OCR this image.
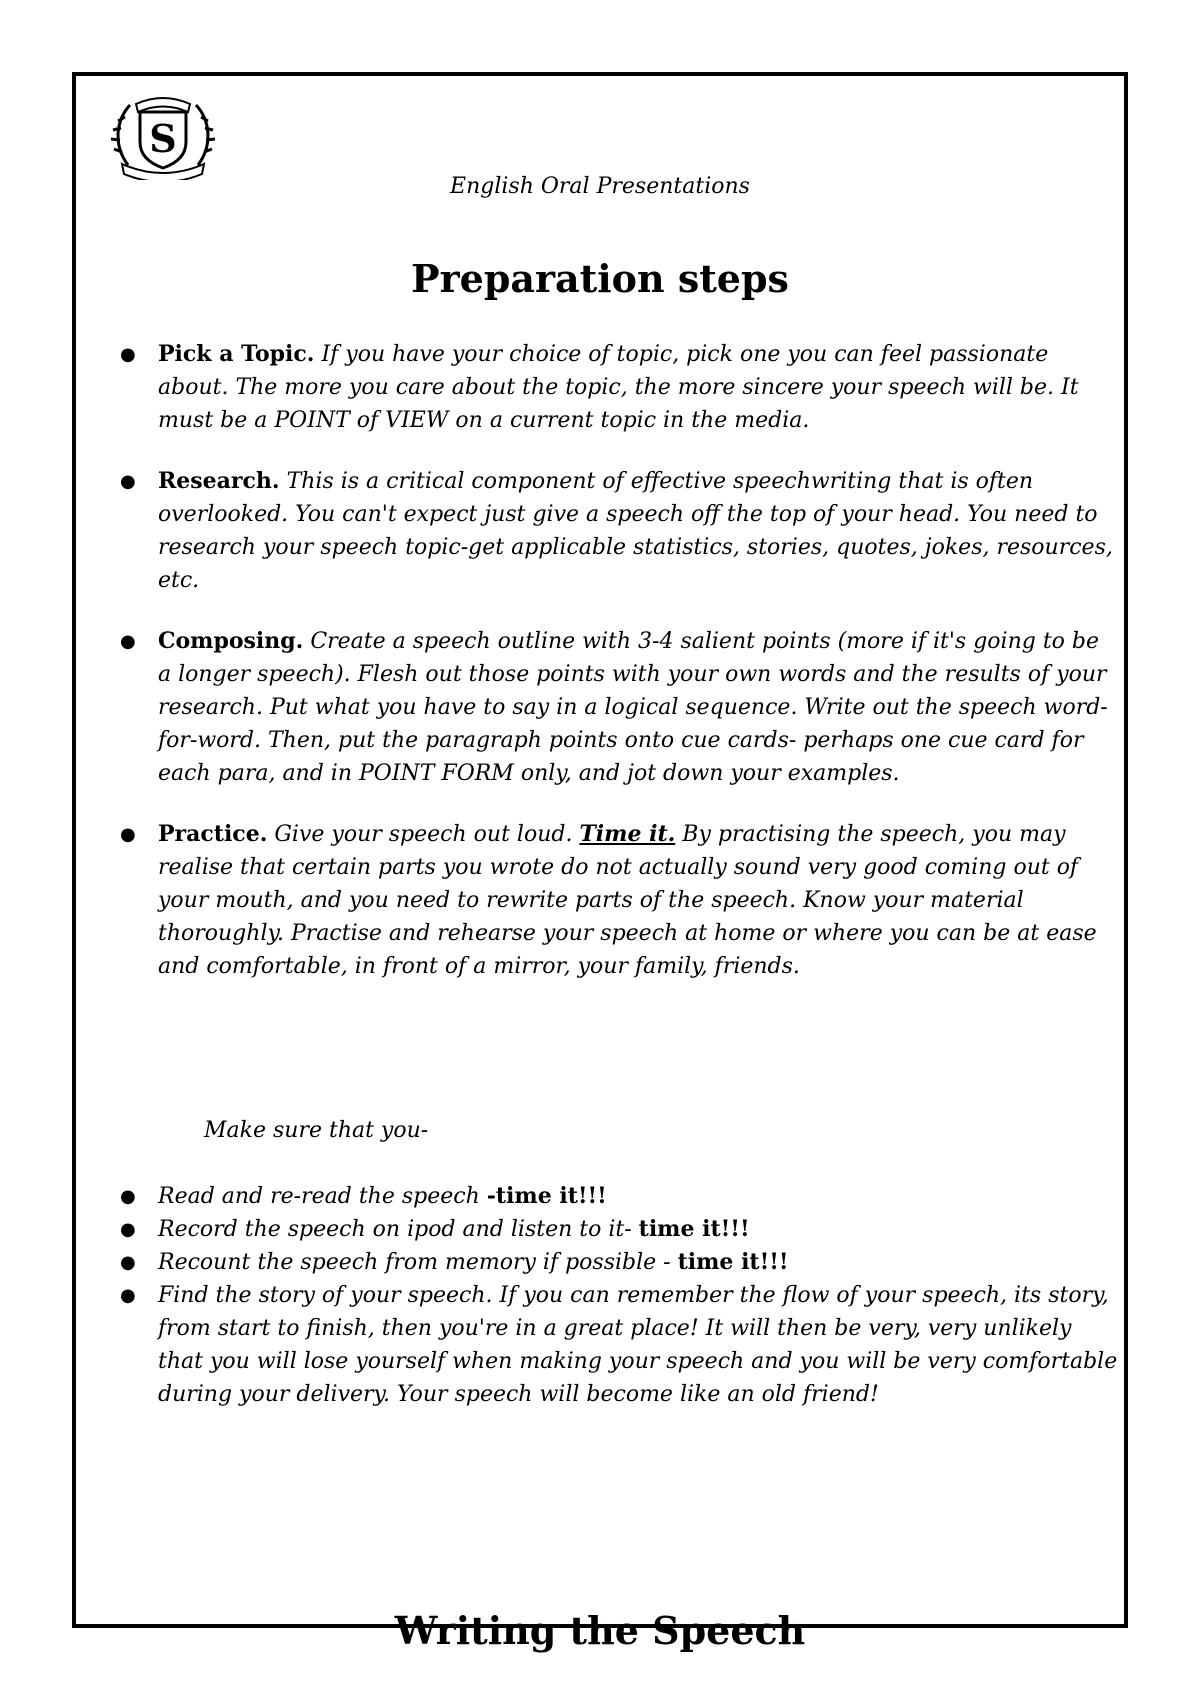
S

English Oral Presentations

Preparation steps
● Pick a Topic. If you have your choice of topic, pick one you can feel passionate about. The more you care about the topic, the more sincere your speech will be. It must be a POINT of VIEW on a current topic in the media.
● Research. This is a critical component of effective speechwriting that is often overlooked. You can't expect just give a speech off the top of your head. You need to research your speech topic-get applicable statistics, stories, quotes, jokes, resources, etc.
● Composing. Create a speech outline with 3-4 salient points (more if it's going to be a longer speech). Flesh out those points with your own words and the results of your research. Put what you have to say in a logical sequence. Write out the speech word-for-word. Then, put the paragraph points onto cue cards- perhaps one cue card for each para, and in POINT FORM only, and jot down your examples.
● Practice. Give your speech out loud. Time it. By practising the speech, you may realise that certain parts you wrote do not actually sound very good coming out of your mouth, and you need to rewrite parts of the speech. Know your material thoroughly. Practise and rehearse your speech at home or where you can be at ease and comfortable, in front of a mirror, your family, friends.

Make sure that you-

● Read and re-read the speech -time it!!!
● Record the speech on ipod and listen to it- time it!!!
● Recount the speech from memory if possible - time it!!!
● Find the story of your speech. If you can remember the flow of your speech, its story, from start to finish, then you're in a great place! It will then be very, very unlikely that you will lose yourself when making your speech and you will be very comfortable during your delivery. Your speech will become like an old friend!
Writing the Speech
